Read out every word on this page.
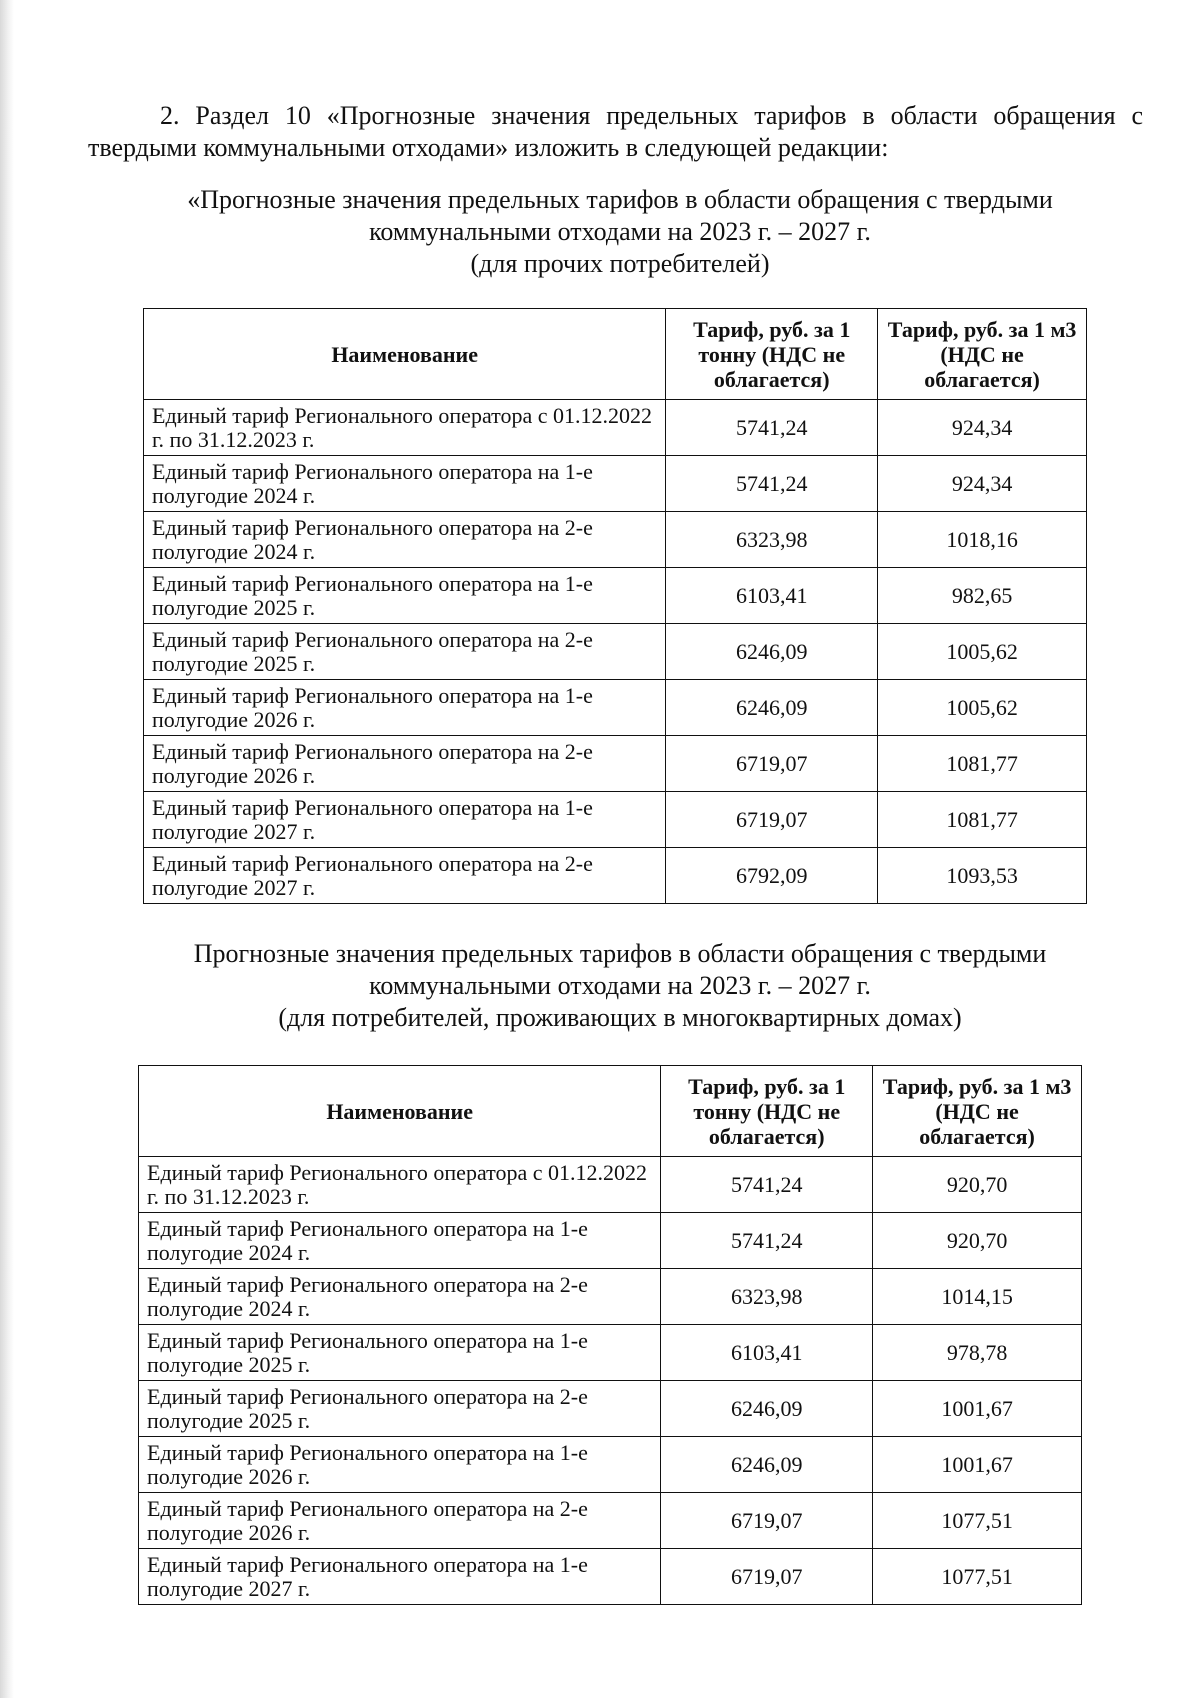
2. Раздел 10 «Прогнозные значения предельных тарифов в области обращения с твердыми коммунальными отходами» изложить в следующей редакции:

«Прогнозные значения предельных тарифов в области обращения с твердыми
коммунальными отходами на 2023 г. – 2027 г.
(для прочих потребителей)
Наименование	Тариф, руб. за 1 тонну (НДС не облагается)	Тариф, руб. за 1 м3 (НДС не облагается)
Единый тариф Регионального оператора с 01.12.2022 г. по 31.12.2023 г.	5741,24	924,34
Единый тариф Регионального оператора на 1-е полугодие 2024 г.	5741,24	924,34
Единый тариф Регионального оператора на 2-е полугодие 2024 г.	6323,98	1018,16
Единый тариф Регионального оператора на 1-е полугодие 2025 г.	6103,41	982,65
Единый тариф Регионального оператора на 2-е полугодие 2025 г.	6246,09	1005,62
Единый тариф Регионального оператора на 1-е полугодие 2026 г.	6246,09	1005,62
Единый тариф Регионального оператора на 2-е полугодие 2026 г.	6719,07	1081,77
Единый тариф Регионального оператора на 1-е полугодие 2027 г.	6719,07	1081,77
Единый тариф Регионального оператора на 2-е полугодие 2027 г.	6792,09	1093,53
Прогнозные значения предельных тарифов в области обращения с твердыми
коммунальными отходами на 2023 г. – 2027 г.
(для потребителей, проживающих в многоквартирных домах)
Наименование	Тариф, руб. за 1 тонну (НДС не облагается)	Тариф, руб. за 1 м3 (НДС не облагается)
Единый тариф Регионального оператора с 01.12.2022 г. по 31.12.2023 г.	5741,24	920,70
Единый тариф Регионального оператора на 1-е полугодие 2024 г.	5741,24	920,70
Единый тариф Регионального оператора на 2-е полугодие 2024 г.	6323,98	1014,15
Единый тариф Регионального оператора на 1-е полугодие 2025 г.	6103,41	978,78
Единый тариф Регионального оператора на 2-е полугодие 2025 г.	6246,09	1001,67
Единый тариф Регионального оператора на 1-е полугодие 2026 г.	6246,09	1001,67
Единый тариф Регионального оператора на 2-е полугодие 2026 г.	6719,07	1077,51
Единый тариф Регионального оператора на 1-е полугодие 2027 г.	6719,07	1077,51
